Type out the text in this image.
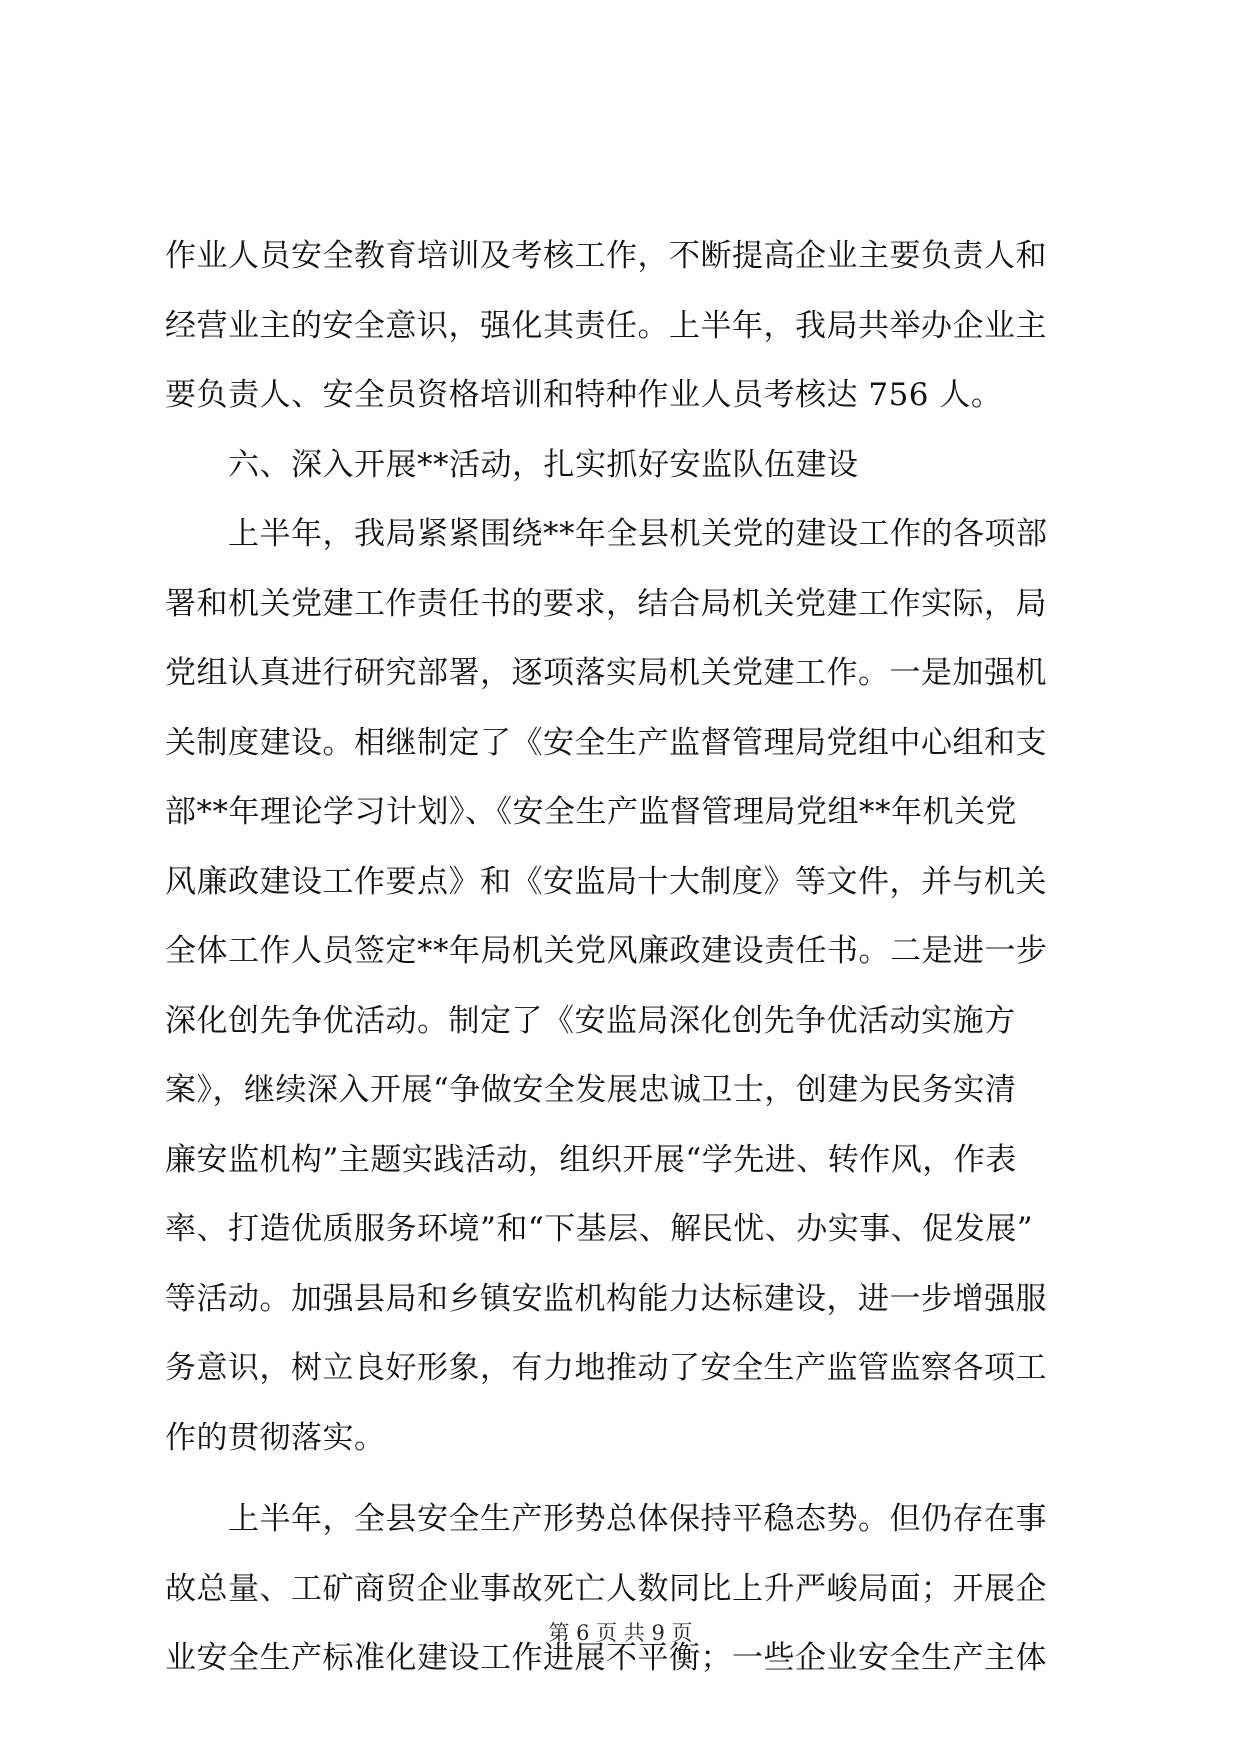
作业人员安全教育培训及考核工作，不断提高企业主要负责人和
经营业主的安全意识，强化其责任。上半年，我局共举办企业主
要负责人、安全员资格培训和特种作业人员考核达 756 人。
　　六、深入开展**活动，扎实抓好安监队伍建设
　　上半年，我局紧紧围绕**年全县机关党的建设工作的各项部
署和机关党建工作责任书的要求，结合局机关党建工作实际，局
党组认真进行研究部署，逐项落实局机关党建工作。一是加强机
关制度建设。相继制定了《安全生产监督管理局党组中心组和支
部**年理论学习计划》、《安全生产监督管理局党组**年机关党
风廉政建设工作要点》和《安监局十大制度》等文件，并与机关
全体工作人员签定**年局机关党风廉政建设责任书。二是进一步
深化创先争优活动。制定了《安监局深化创先争优活动实施方
案》，继续深入开展“争做安全发展忠诚卫士，创建为民务实清
廉安监机构”主题实践活动，组织开展“学先进、转作风，作表
率、打造优质服务环境”和“下基层、解民忧、办实事、促发展”
等活动。加强县局和乡镇安监机构能力达标建设，进一步增强服
务意识，树立良好形象，有力地推动了安全生产监管监察各项工
作的贯彻落实。
　　上半年，全县安全生产形势总体保持平稳态势。但仍存在事
故总量、工矿商贸企业事故死亡人数同比上升严峻局面；开展企
业安全生产标准化建设工作进展不平衡；一些企业安全生产主体
第 6 页 共 9 页
